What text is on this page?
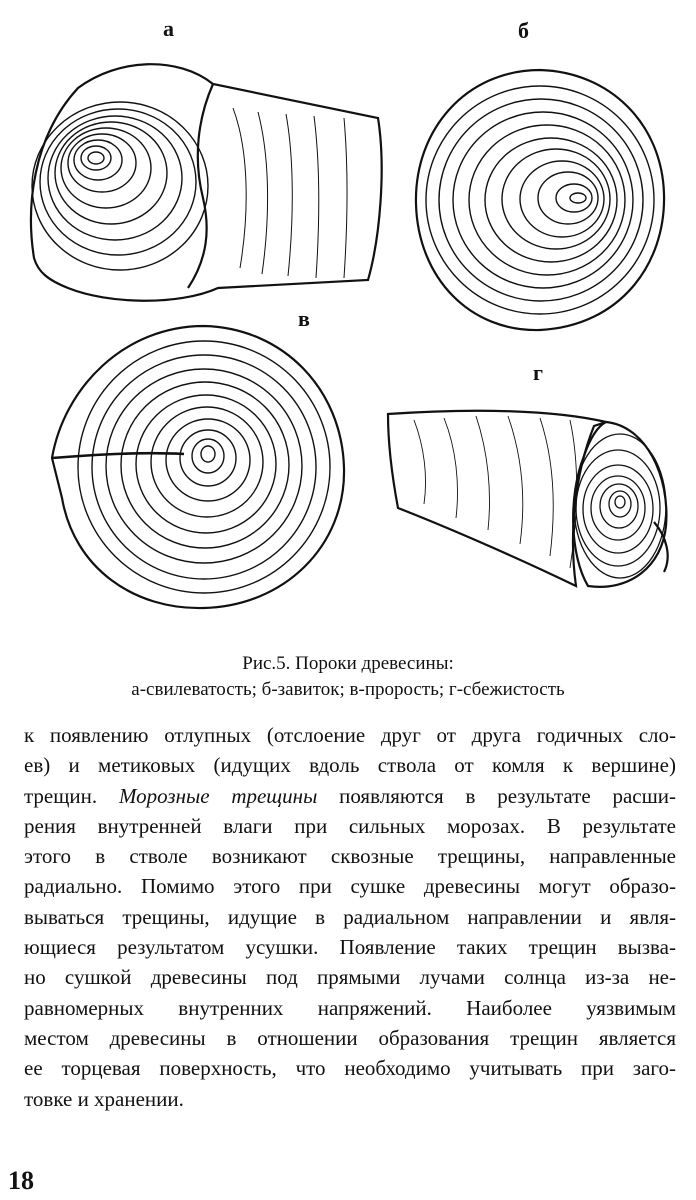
а	б
в
г
Рис.5. Пороки древесины:
а-свилеватость; б-завиток; в-прорость; г-сбежистость
к появлению отлупных (отслоение друг от друга годичных сло-
ев) и метиковых (идущих вдоль ствола от комля к вершине)
трещин. Морозные трещины появляются в результате расши-
рения внутренней влаги при сильных морозах. В результате
этого в стволе возникают сквозные трещины, направленные
радиально. Помимо этого при сушке древесины могут образо-
вываться трещины, идущие в радиальном направлении и явля-
ющиеся результатом усушки. Появление таких трещин вызва-
но сушкой древесины под прямыми лучами солнца из-за не-
равномерных внутренних напряжений. Наиболее уязвимым
местом древесины в отношении образования трещин является
ее торцевая поверхность, что необходимо учитывать при заго-
товке и хранении.
18
